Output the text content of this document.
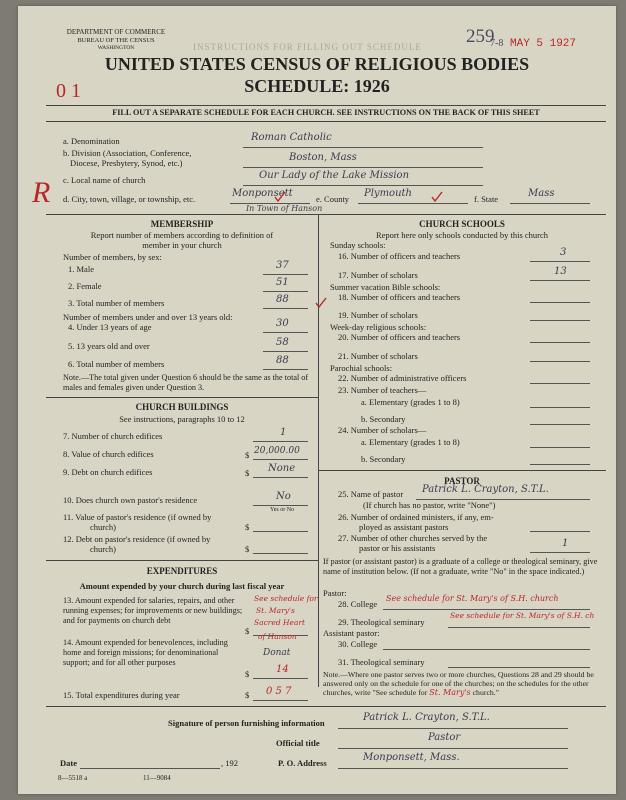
DEPARTMENT OF COMMERCE
BUREAU OF THE CENSUS
WASHINGTON	INSTRUCTIONS FOR FILLING OUT SCHEDULE 259
7-8 MAY 5 1927
UNITED STATES CENSUS OF RELIGIOUS BODIES
SCHEDULE: 1926
0 1
FILL OUT A SEPARATE SCHEDULE FOR EACH CHURCH. SEE INSTRUCTIONS ON THE BACK OF THIS SHEET
a. Denomination	Roman Catholic
b. Division (Association, Conference,
Diocese, Presbytery, Synod, etc.)	Boston, Mass
c. Local name of church	Our Lady of the Lake Mission
R d. City, town, village, or township, etc.	Monponsett
In Town of Hanson
e. County Plymouth	f. State	Mass
MEMBERSHIP
Report number of members according to definition of
member in your church
Number of members, by sex:
1. Male	37
2. Female	51
3. Total number of members	88
Number of members under and over 13 years old:
4. Under 13 years of age	30
5. 13 years old and over	58
6. Total number of members	88
Note.—The total given under Question 6 should be the same as the total of males and females given under Question 3.
CHURCH BUILDINGS
See instructions, paragraphs 10 to 12
7. Number of church edifices	1
8. Value of church edifices	$ 20,000.00
9. Debt on church edifices	$ None
10. Does church own pastor's residence	No
Yes or No
11. Value of pastor's residence (if owned by
church)	$
12. Debt on pastor's residence (if owned by
church)	$
EXPENDITURES
Amount expended by your church during last fiscal year
13. Amount expended for salaries, repairs, and other running expenses; for improvements or new buildings; and for payments on church debt
$
See schedule for
St. Mary's
Sacred Heart
14. Amount expended for benevolences, including home and foreign missions; for denominational support; and for all other purposes
$
of Hanson
Donat
14
15. Total expenditures during year	$ 0 5 7
CHURCH SCHOOLS
Report here only schools conducted by this church
Sunday schools:
16. Number of officers and teachers	3
17. Number of scholars	13
Summer vacation Bible schools:
18. Number of officers and teachers
19. Number of scholars
Week-day religious schools:
20. Number of officers and teachers
21. Number of scholars
Parochial schools:
22. Number of administrative officers
23. Number of teachers—
a. Elementary (grades 1 to 8)
b. Secondary
24. Number of scholars—
a. Elementary (grades 1 to 8)
b. Secondary
PASTOR
25. Name of pastor Patrick L. Crayton, S.T.L.
(If church has no pastor, write "None")
26. Number of ordained ministers, if any, em-
ployed as assistant pastors
27. Number of other churches served by the
pastor or his assistants	1
If pastor (or assistant pastor) is a graduate of a college or theological seminary, give name of institution below. (If not a graduate, write "No" in the space indicated.)
Pastor:
28. College
See schedule for St. Mary's of S.H. church
29. Theological seminary
See schedule for St. Mary's of S.H. ch
Assistant pastor:
30. College
31. Theological seminary
Note.—Where one pastor serves two or more churches, Questions 28 and 29 should be answered only on the schedule for one of the churches; on the schedules for the other churches, write "See schedule for St. Mary's church."
Signature of person furnishing information	Patrick L. Crayton, S.T.L.
Official title	Pastor
Date	, 192	P. O. Address	Monponsett, Mass.
8—5518 a	11—9084
